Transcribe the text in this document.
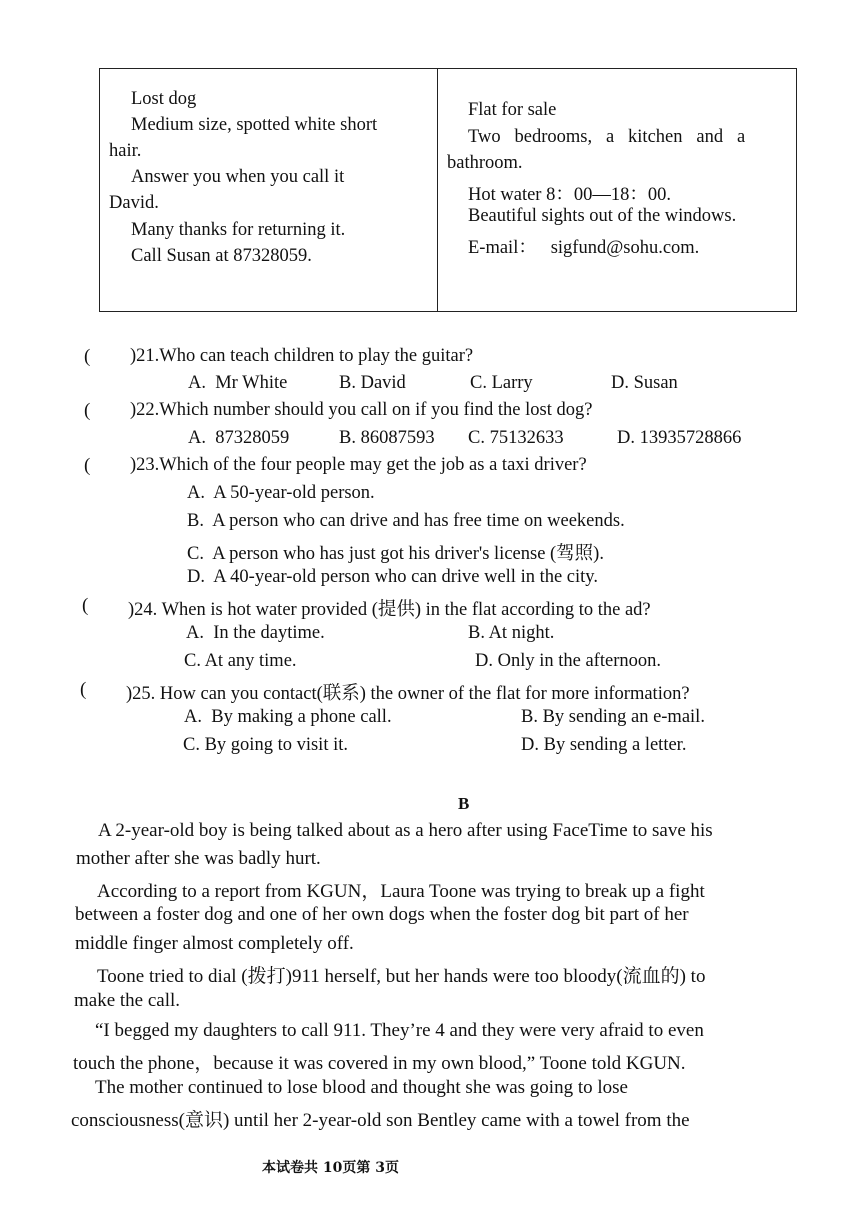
Lost dog
Medium size, spotted white short
hair.
Answer you when you call it
David.
Many thanks for returning it.
Call Susan at 87328059.
Flat for sale
Two   bedrooms,   a   kitchen   and   a
bathroom.
Hot water 8：00—18：00.
Beautiful sights out of the windows.
E-mail：   sigfund@sohu.com.
( )21.Who can teach children to play the guitar?
A.  Mr White	B. David	C. Larry	D. Susan
( )22.Which number should you call on if you find the lost dog?
A.  87328059	B. 86087593 C. 75132633	D. 13935728866
( )23.Which of the four people may get the job as a taxi driver?
A.  A 50-year-old person.
B.  A person who can drive and has free time on weekends.
C.  A person who has just got his driver's license (驾照).
D.  A 40-year-old person who can drive well in the city.
( )24. When is hot water provided (提供) in the flat according to the ad?
A.  In the daytime.	B. At night.
C. At any time.	D. Only in the afternoon.
( )25. How can you contact(联系) the owner of the flat for more information?
A.  By making a phone call.	B. By sending an e-mail.
C. By going to visit it.	D. By sending a letter.
B
A 2-year-old boy is being talked about as a hero after using FaceTime to save his
mother after she was badly hurt.
According to a report from KGUN，Laura Toone was trying to break up a fight
between a foster dog and one of her own dogs when the foster dog bit part of her
middle finger almost completely off.
Toone tried to dial (拨打)911 herself, but her hands were too bloody(流血的) to
make the call.
“I begged my daughters to call 911. They’re 4 and they were very afraid to even
touch the phone，because it was covered in my own blood,” Toone told KGUN.
The mother continued to lose blood and thought she was going to lose
consciousness(意识) until her 2-year-old son Bentley came with a towel from the
本试卷共 10页第 3页
